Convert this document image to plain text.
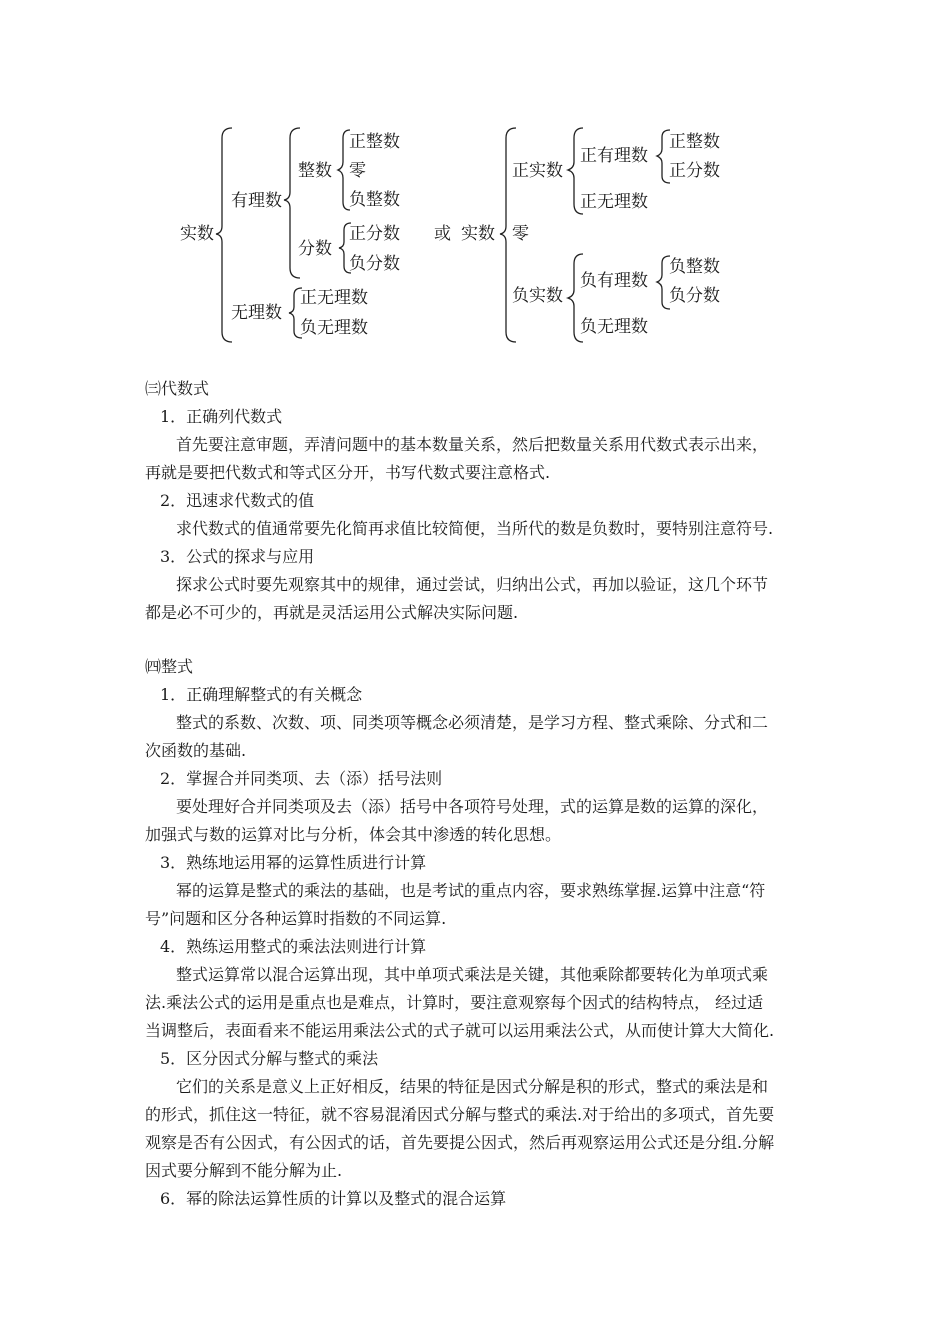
实数
有理数
整数
正整数
零
负整数
分数
正分数
负分数
无理数
正无理数
负无理数
或 实数 零
正实数
正有理数
正整数
正分数
正无理数
负实数
负有理数
负整数
负分数
负无理数
㈢代数式
1．正确列代数式
首先要注意审题，弄清问题中的基本数量关系，然后把数量关系用代数式表示出来，
再就是要把代数式和等式区分开，书写代数式要注意格式.
2．迅速求代数式的值
求代数式的值通常要先化简再求值比较简便，当所代的数是负数时，要特别注意符号.
3．公式的探求与应用
探求公式时要先观察其中的规律，通过尝试，归纳出公式，再加以验证，这几个环节
都是必不可少的，再就是灵活运用公式解决实际问题.
㈣整式
1．正确理解整式的有关概念
整式的系数、次数、项、同类项等概念必须清楚，是学习方程、整式乘除、分式和二
次函数的基础.
2．掌握合并同类项、去（添）括号法则
要处理好合并同类项及去（添）括号中各项符号处理，式的运算是数的运算的深化，
加强式与数的运算对比与分析，体会其中渗透的转化思想。
3．熟练地运用幂的运算性质进行计算
幂的运算是整式的乘法的基础，也是考试的重点内容，要求熟练掌握.运算中注意“符
号”问题和区分各种运算时指数的不同运算.
4．熟练运用整式的乘法法则进行计算
整式运算常以混合运算出现，其中单项式乘法是关键，其他乘除都要转化为单项式乘
法.乘法公式的运用是重点也是难点，计算时，要注意观察每个因式的结构特点， 经过适
当调整后，表面看来不能运用乘法公式的式子就可以运用乘法公式，从而使计算大大简化.
5．区分因式分解与整式的乘法
它们的关系是意义上正好相反，结果的特征是因式分解是积的形式，整式的乘法是和
的形式，抓住这一特征，就不容易混淆因式分解与整式的乘法.对于给出的多项式，首先要
观察是否有公因式，有公因式的话，首先要提公因式，然后再观察运用公式还是分组.分解
因式要分解到不能分解为止.
6．幂的除法运算性质的计算以及整式的混合运算
